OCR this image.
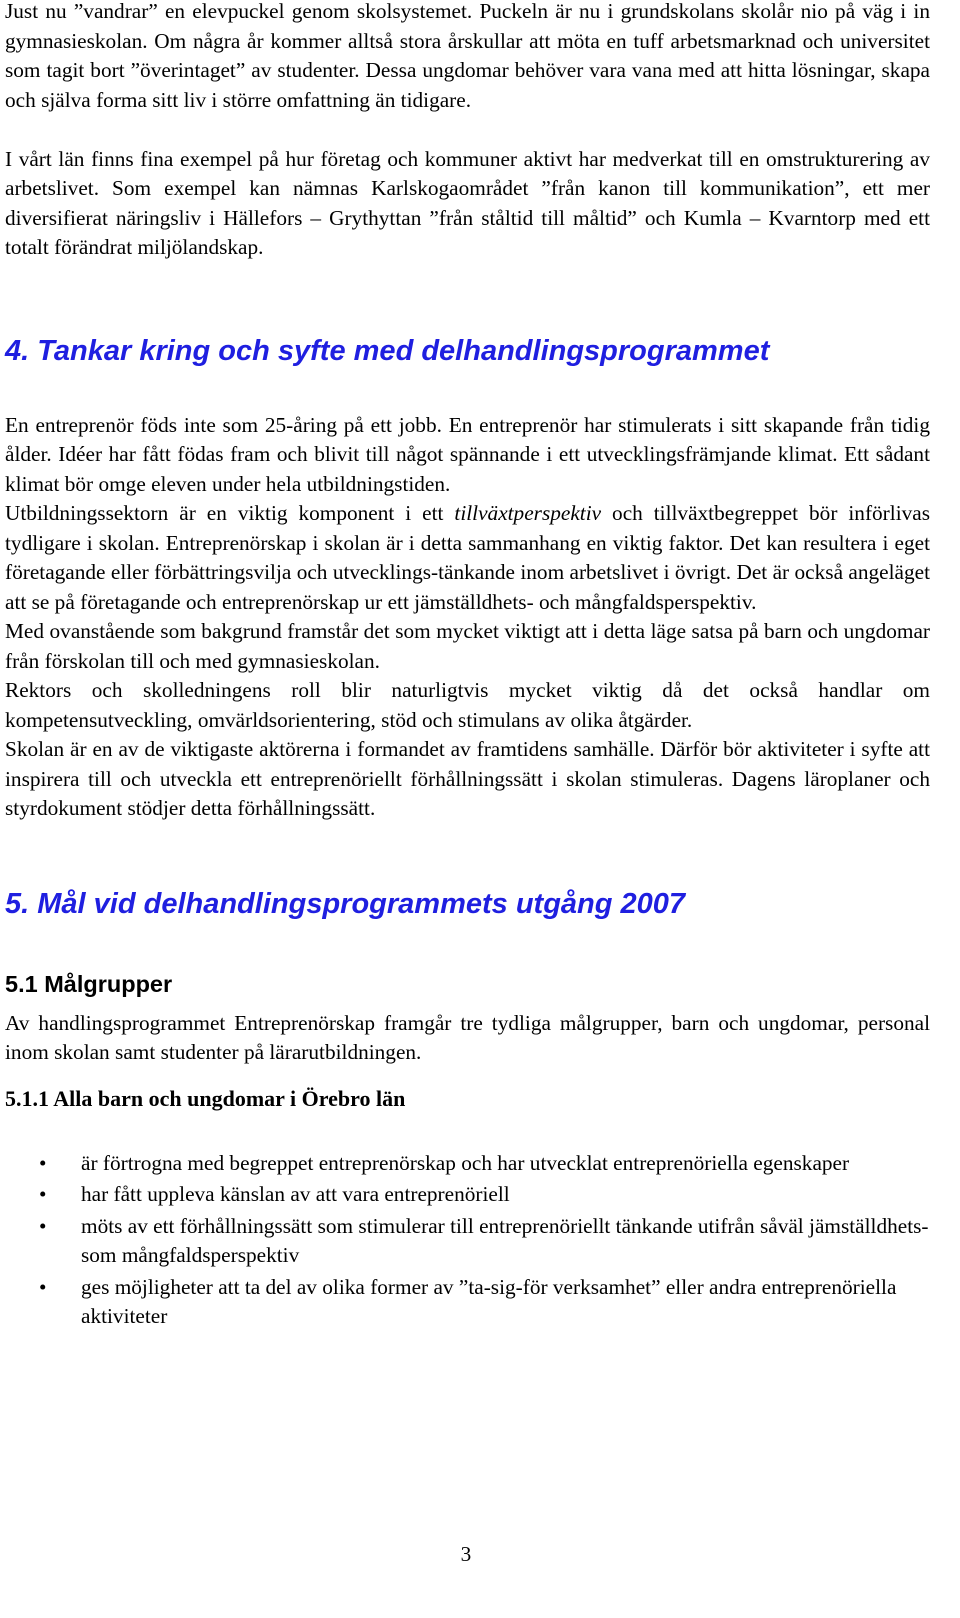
Just nu ”vandrar” en elevpuckel genom skolsystemet. Puckeln är nu i grundskolans skolår nio på väg i in gymnasieskolan. Om några år kommer alltså stora årskullar att möta en tuff arbetsmarknad och universitet som tagit bort ”överintaget” av studenter. Dessa ungdomar behöver vara vana med att hitta lösningar, skapa och själva forma sitt liv i större omfattning än tidigare.

I vårt län finns fina exempel på hur företag och kommuner aktivt har medverkat till en omstrukturering av arbetslivet. Som exempel kan nämnas Karlskogaområdet ”från kanon till kommunikation”, ett mer diversifierat näringsliv i Hällefors – Grythyttan ”från ståltid till måltid” och Kumla – Kvarntorp med ett totalt förändrat miljölandskap.

4. Tankar kring och syfte med delhandlingsprogrammet

En entreprenör föds inte som 25-åring på ett jobb. En entreprenör har stimulerats i sitt skapande från tidig ålder. Idéer har fått födas fram och blivit till något spännande i ett utvecklingsfrämjande klimat. Ett sådant klimat bör omge eleven under hela utbildningstiden.

Utbildningssektorn är en viktig komponent i ett tillväxtperspektiv och tillväxtbegreppet bör införlivas tydligare i skolan. Entreprenörskap i skolan är i detta sammanhang en viktig faktor. Det kan resultera i eget företagande eller förbättringsvilja och utvecklings-tänkande inom arbetslivet i övrigt. Det är också angeläget att se på företagande och entreprenörskap ur ett jämställdhets- och mångfaldsperspektiv.

Med ovanstående som bakgrund framstår det som mycket viktigt att i detta läge satsa på barn och ungdomar från förskolan till och med gymnasieskolan.

Rektors och skolledningens roll blir naturligtvis mycket viktig då det också handlar om kompetensutveckling, omvärldsorientering, stöd och stimulans av olika åtgärder.

Skolan är en av de viktigaste aktörerna i formandet av framtidens samhälle. Därför bör aktiviteter i syfte att inspirera till och utveckla ett entreprenöriellt förhållningssätt i skolan stimuleras. Dagens läroplaner och styrdokument stödjer detta förhållningssätt.

5. Mål vid delhandlingsprogrammets utgång 2007
5.1 Målgrupper

Av handlingsprogrammet Entreprenörskap framgår tre tydliga målgrupper, barn och ungdomar, personal inom skolan samt studenter på lärarutbildningen.

5.1.1 Alla barn och ungdomar i Örebro län
• är förtrogna med begreppet entreprenörskap och har utvecklat entreprenöriella egenskaper
• har fått uppleva känslan av att vara entreprenöriell
• möts av ett förhållningssätt som stimulerar till entreprenöriellt tänkande utifrån såväl jämställdhets- som mångfaldsperspektiv
• ges möjligheter att ta del av olika former av ”ta-sig-för verksamhet” eller andra entreprenöriella aktiviteter
3
